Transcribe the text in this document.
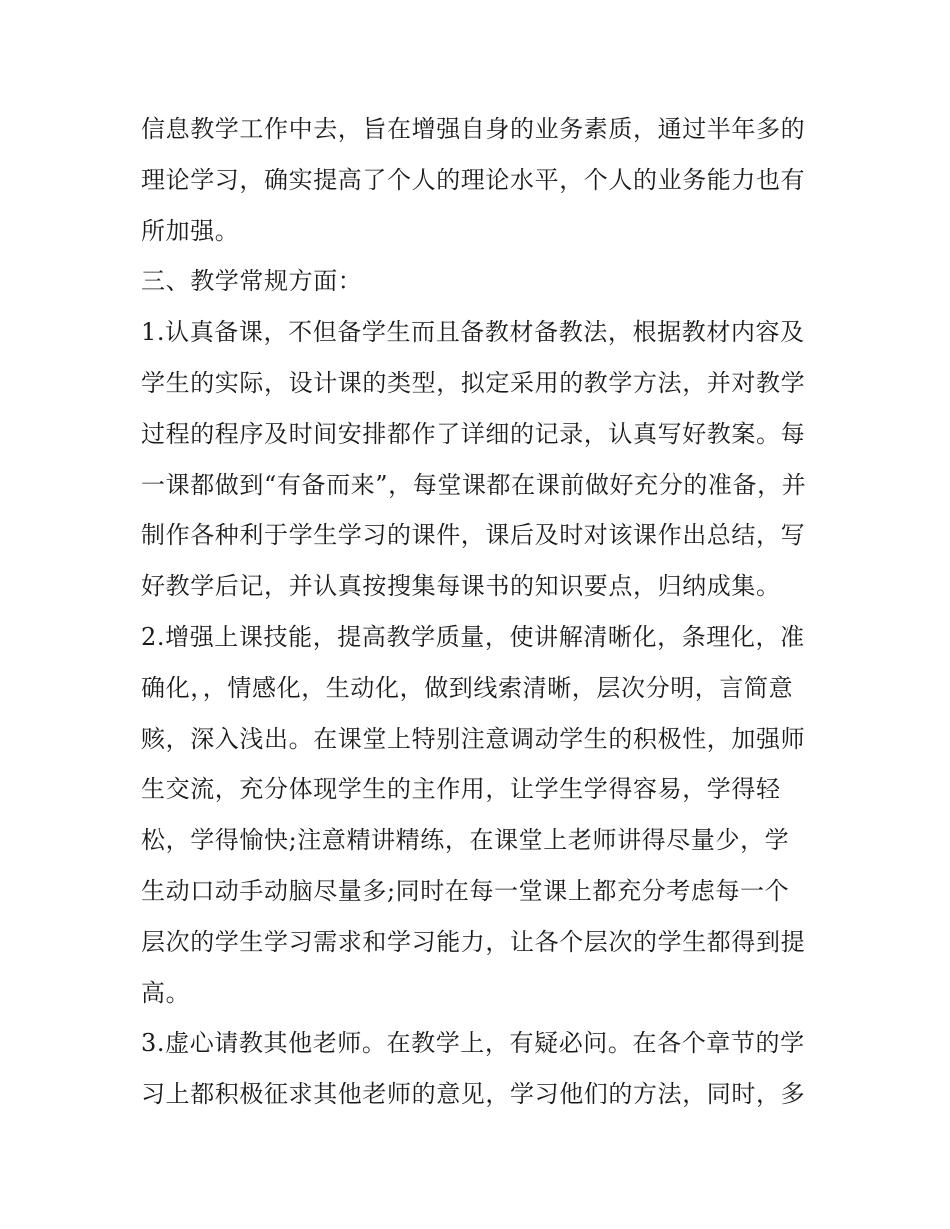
信息教学工作中去，旨在增强自身的业务素质，通过半年多的
理论学习，确实提高了个人的理论水平，个人的业务能力也有
所加强。
三、教学常规方面：
1.认真备课，不但备学生而且备教材备教法，根据教材内容及
学生的实际，设计课的类型，拟定采用的教学方法，并对教学
过程的程序及时间安排都作了详细的记录，认真写好教案。每
一课都做到“有备而来”，每堂课都在课前做好充分的准备，并
制作各种利于学生学习的课件，课后及时对该课作出总结，写
好教学后记，并认真按搜集每课书的知识要点，归纳成集。
2.增强上课技能，提高教学质量，使讲解清晰化，条理化，准
确化，，情感化，生动化，做到线索清晰，层次分明，言简意
赅，深入浅出。在课堂上特别注意调动学生的积极性，加强师
生交流，充分体现学生的主作用，让学生学得容易，学得轻
松，学得愉快;注意精讲精练，在课堂上老师讲得尽量少，学
生动口动手动脑尽量多;同时在每一堂课上都充分考虑每一个
层次的学生学习需求和学习能力，让各个层次的学生都得到提
高。
3.虚心请教其他老师。在教学上，有疑必问。在各个章节的学
习上都积极征求其他老师的意见，学习他们的方法，同时，多
